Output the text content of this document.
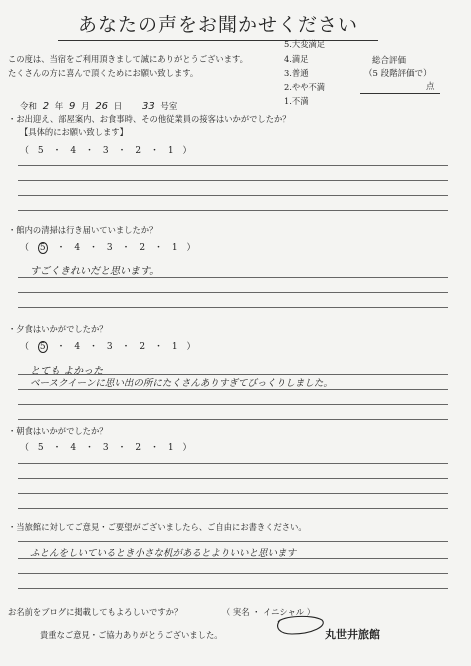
あなたの声をお聞かせください
この度は、当宿をご利用頂きまして誠にありがとうございます。
たくさんの方に喜んで頂くためにお願い致します。
5.大変満足
4.満足
3.普通
2.やや不満
1.不満
総合評価
（5 段階評価で）
点
令和 2 年 9 月 26 日 33 号室
・お出迎え、部屋案内、お食事時、その他従業員の接客はいかがでしたか？
【具体的にお願い致します】
（ 5 ・ 4 ・ 3 ・ 2 ・ 1 ）
・館内の清掃は行き届いていましたか？
（ 5 ・ 4 ・ 3 ・ 2 ・ 1 ）
すごくきれいだと思います。
・夕食はいかがでしたか？
（ 5 ・ 4 ・ 3 ・ 2 ・ 1 ）
とても よかった
ベースクイーンに思い出の所にたくさんありすぎてびっくりしました。
・朝食はいかがでしたか？
（ 5 ・ 4 ・ 3 ・ 2 ・ 1 ）
・当旅館に対してご意見・ご要望がございましたら、ご自由にお書きください。
ふとんをしいているとき小さな机があるとよりいいと思います
お名前をブログに掲載してもよろしいですか？	（ 実名 ・ イニシャル ）
貴重なご意見・ご協力ありがとうございました。	丸世井旅館
